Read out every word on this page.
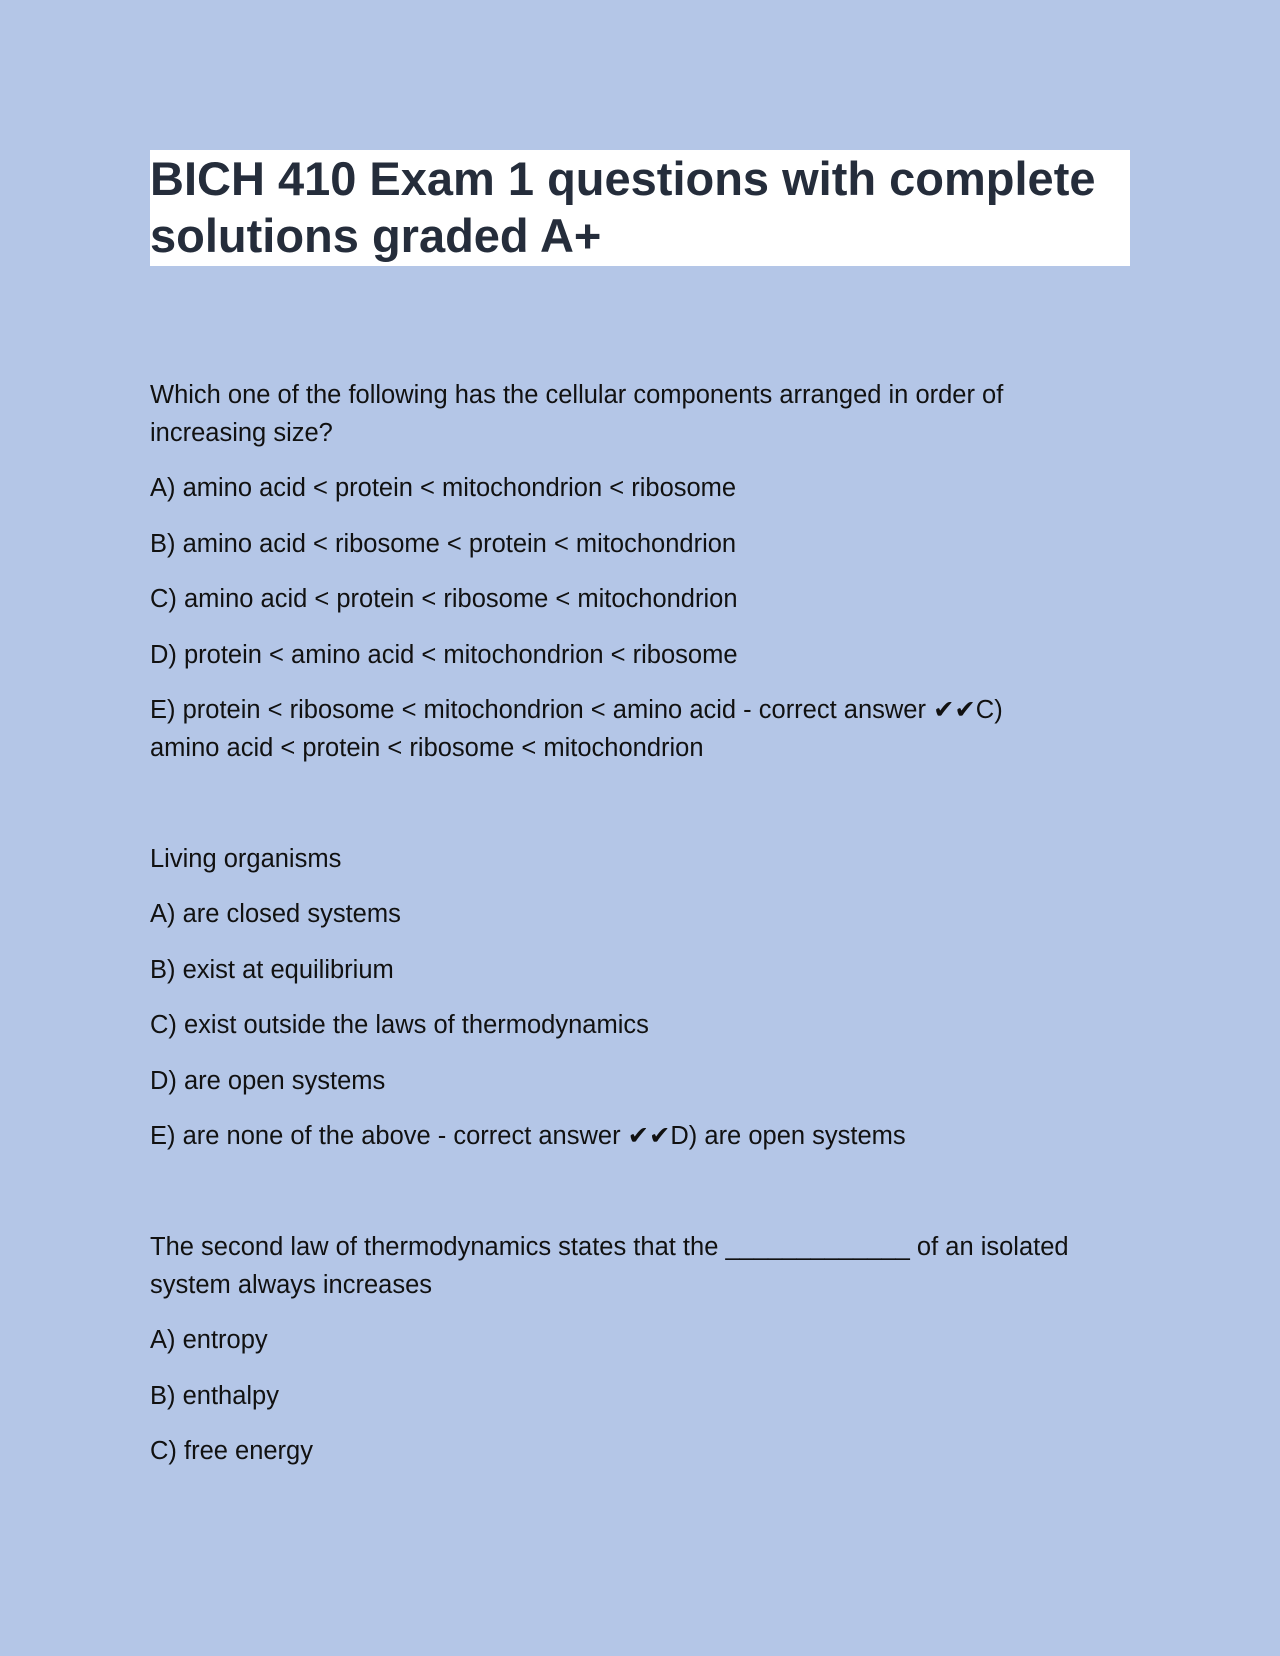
BICH 410 Exam 1 questions with complete solutions graded A+
Which one of the following has the cellular components arranged in order of
increasing size?
A) amino acid < protein < mitochondrion < ribosome
B) amino acid < ribosome < protein < mitochondrion
C) amino acid < protein < ribosome < mitochondrion
D) protein < amino acid < mitochondrion < ribosome
E) protein < ribosome < mitochondrion < amino acid - correct answer ✔✔C)
amino acid < protein < ribosome < mitochondrion
Living organisms
A) are closed systems
B) exist at equilibrium
C) exist outside the laws of thermodynamics
D) are open systems
E) are none of the above - correct answer ✔✔D) are open systems
The second law of thermodynamics states that the _____________ of an isolated
system always increases
A) entropy
B) enthalpy
C) free energy
